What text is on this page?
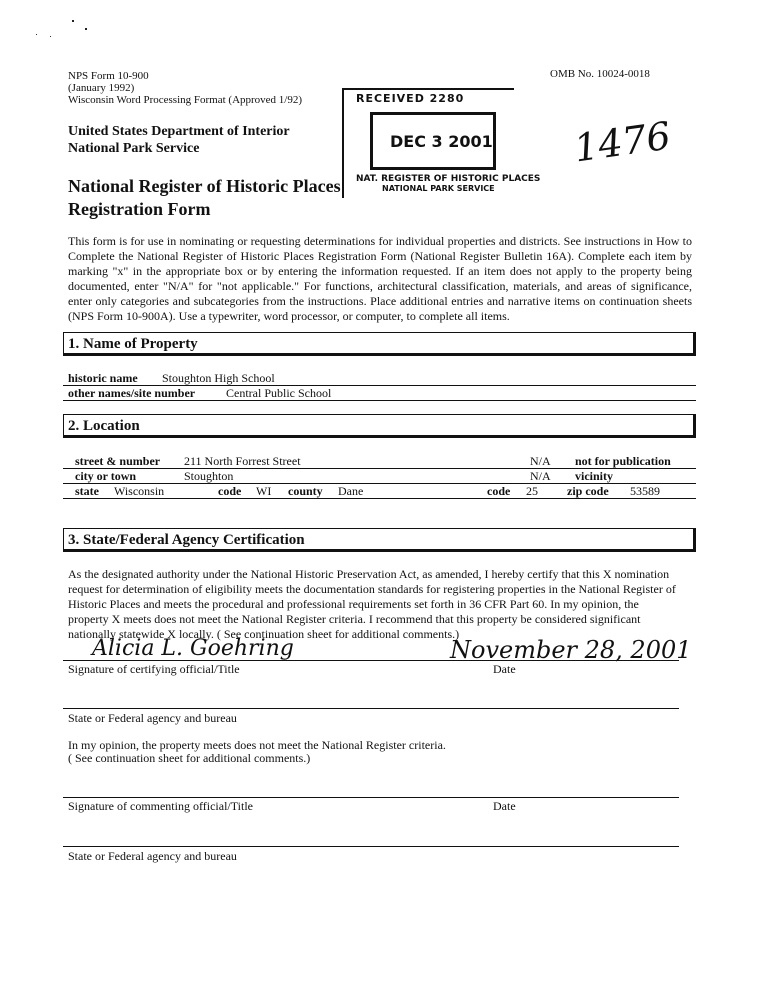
NPS Form 10-900
(January 1992)
Wisconsin Word Processing Format (Approved 1/92)
OMB No. 10024-0018
United States Department of Interior
National Park Service
National Register of Historic Places
Registration Form
RECEIVED 2280
DEC 3 2001
NAT. REGISTER OF HISTORIC PLACES
NATIONAL PARK SERVICE
1476
This form is for use in nominating or requesting determinations for individual properties and districts. See instructions in How to Complete the National Register of Historic Places Registration Form (National Register Bulletin 16A). Complete each item by marking "x" in the appropriate box or by entering the information requested. If an item does not apply to the property being documented, enter "N/A" for "not applicable." For functions, architectural classification, materials, and areas of significance, enter only categories and subcategories from the instructions. Place additional entries and narrative items on continuation sheets (NPS Form 10-900A). Use a typewriter, word processor, or computer, to complete all items.
1. Name of Property
historic name Stoughton High School
other names/site number	Central Public School
2. Location
street & number 211 North Forrest Street	N/A not for publication
city or town	Stoughton	N/A vicinity
state Wisconsin	code WI county Dane	code 25 zip code 53589
3. State/Federal Agency Certification
As the designated authority under the National Historic Preservation Act, as amended, I hereby certify that this X nomination
request for determination of eligibility meets the documentation standards for registering properties in the National Register of
Historic Places and meets the procedural and professional requirements set forth in 36 CFR Part 60. In my opinion, the
property X meets does not meet the National Register criteria. I recommend that this property be considered significant
nationally statewide X locally. ( See continuation sheet for additional comments.)
Alicia L. Goehring	November 28, 2001
Signature of certifying official/Title	Date
State or Federal agency and bureau
In my opinion, the property meets does not meet the National Register criteria.
( See continuation sheet for additional comments.)
Signature of commenting official/Title	Date
State or Federal agency and bureau
